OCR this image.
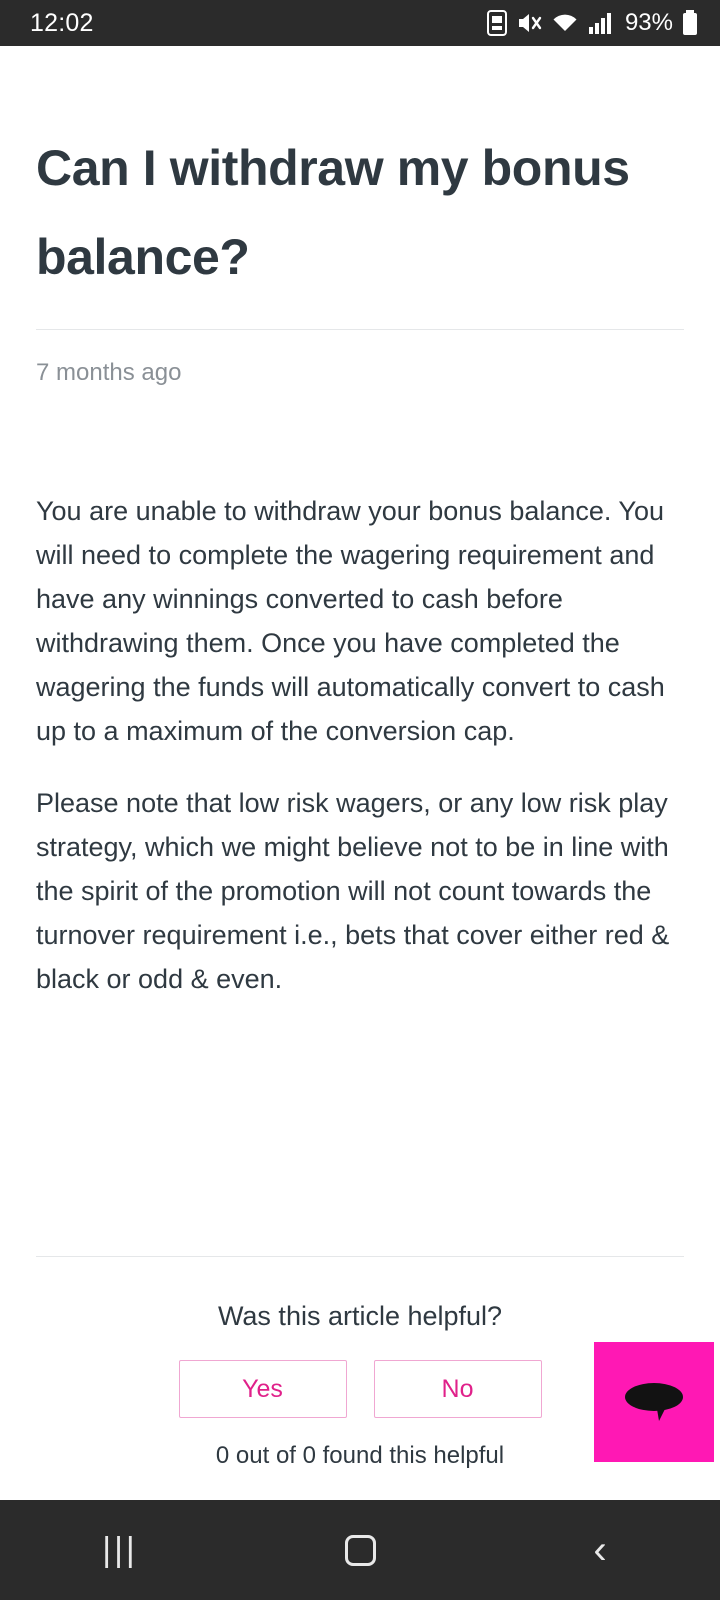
12:02	93%
Can I withdraw my bonus balance?
7 months ago

You are unable to withdraw your bonus balance. You will need to complete the wagering requirement and have any winnings converted to cash before withdrawing them. Once you have completed the wagering the funds will automatically convert to cash up to a maximum of the conversion cap.

Please note that low risk wagers, or any low risk play strategy, which we might believe not to be in line with the spirit of the promotion will not count towards the turnover requirement i.e., bets that cover either red & black or odd & even.

Was this article helpful?
Yes	No
0 out of 0 found this helpful
|||	‹
